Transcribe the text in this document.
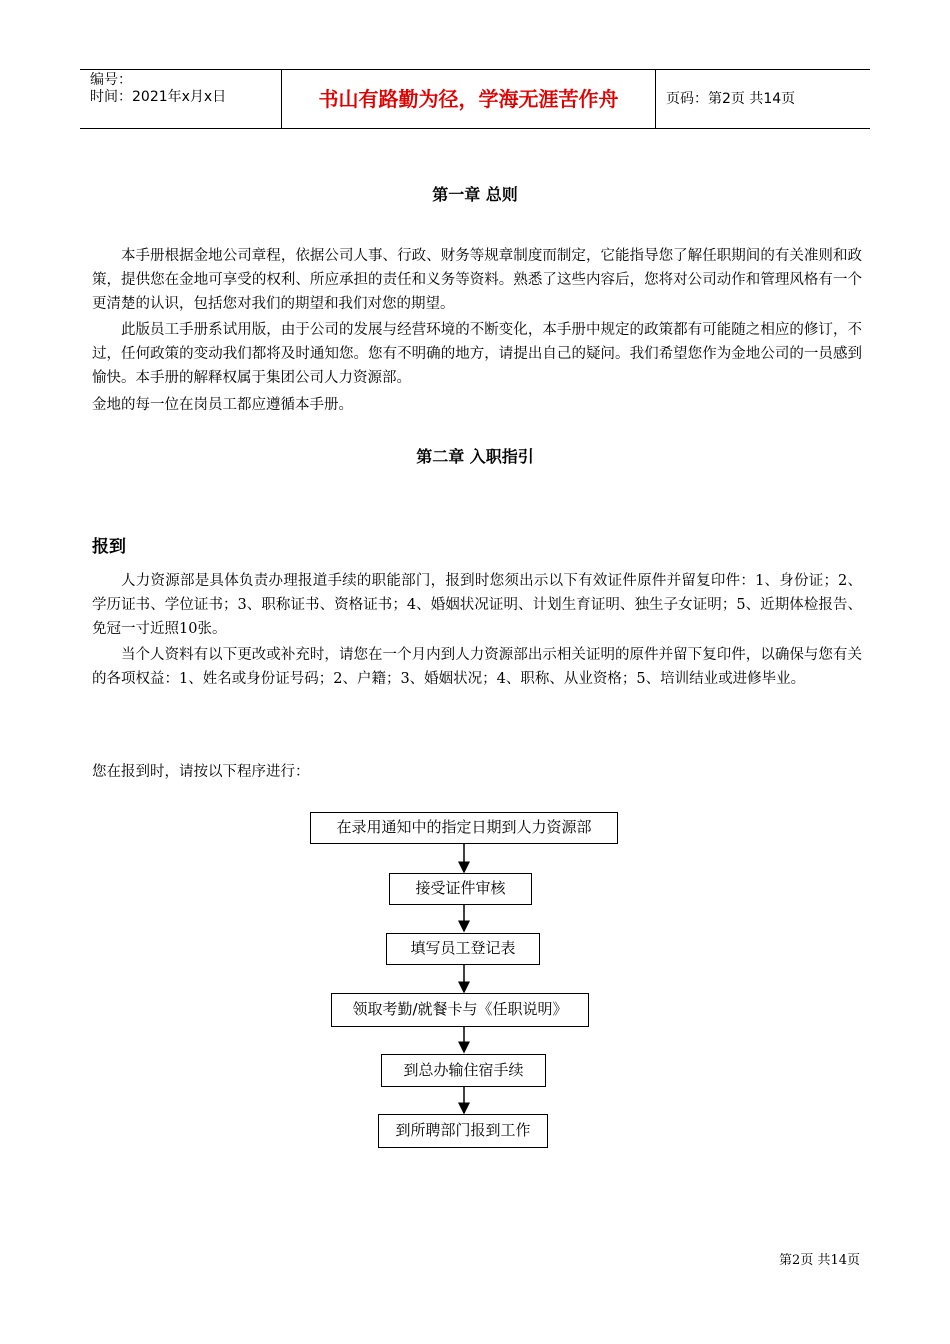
编号：
时间：2021年x月x日	书山有路勤为径，学海无涯苦作舟	页码：第2页 共14页
第一章 总则
本手册根据金地公司章程，依据公司人事、行政、财务等规章制度而制定，它能指导您了解任职期间的有关准则和政策，提供您在金地可享受的权利、所应承担的责任和义务等资料。熟悉了这些内容后，您将对公司动作和管理风格有一个更清楚的认识，包括您对我们的期望和我们对您的期望。
此版员工手册系试用版，由于公司的发展与经营环境的不断变化，本手册中规定的政策都有可能随之相应的修订，不过，任何政策的变动我们都将及时通知您。您有不明确的地方，请提出自己的疑问。我们希望您作为金地公司的一员感到愉快。本手册的解释权属于集团公司人力资源部。
金地的每一位在岗员工都应遵循本手册。
第二章 入职指引
报到
人力资源部是具体负责办理报道手续的职能部门，报到时您须出示以下有效证件原件并留复印件：1、身份证；2、学历证书、学位证书；3、职称证书、资格证书；4、婚姻状况证明、计划生育证明、独生子女证明；5、近期体检报告、免冠一寸近照10张。
当个人资料有以下更改或补充时，请您在一个月内到人力资源部出示相关证明的原件并留下复印件，以确保与您有关的各项权益：1、姓名或身份证号码；2、户籍；3、婚姻状况；4、职称、从业资格；5、培训结业或进修毕业。
您在报到时，请按以下程序进行：
在录用通知中的指定日期到人力资源部
接受证件审核
填写员工登记表
领取考勤/就餐卡与《任职说明》
到总办输住宿手续
到所聘部门报到工作
第2页 共14页
